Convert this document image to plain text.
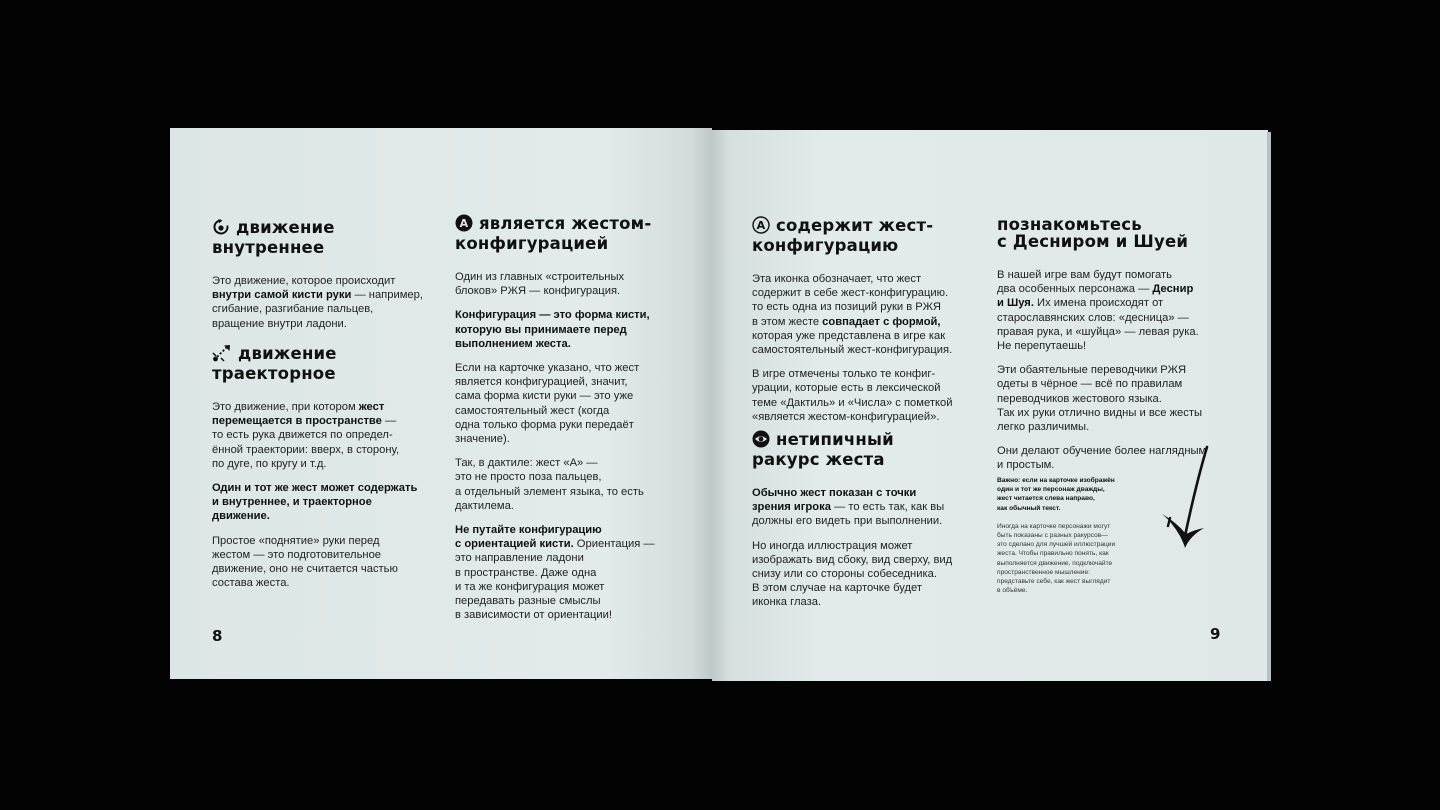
движение
внутреннее
Это движение, которое происходит
внутри самой кисти руки — например,
сгибание, разгибание пальцев,
вращение внутри ладони.
движение
траекторное
Это движение, при котором жест
перемещается в пространстве —
то есть рука движется по определ-
ённой траектории: вверх, в сторону,
по дуге, по кругу и т.д.
Один и тот же жест может содержать
и внутреннее, и траекторное
движение.
Простое «поднятие» руки перед
жестом — это подготовительное
движение, оно не считается частью
состава жеста.
A является жестом-
конфигурацией
Один из главных «строительных
блоков» РЖЯ — конфигурация.
Конфигурация — это форма кисти,
которую вы принимаете перед
выполнением жеста.
Если на карточке указано, что жест
является конфигурацией, значит,
сама форма кисти руки — это уже
самостоятельный жест (когда
одна только форма руки передаёт
значение).
Так, в дактиле: жест «А» —
это не просто поза пальцев,
а отдельный элемент языка, то есть
дактилема.
Не путайте конфигурацию
с ориентацией кисти. Ориентация —
это направление ладони
в пространстве. Даже одна
и та же конфигурация может
передавать разные смыслы
в зависимости от ориентации!
8
A содержит жест-
конфигурацию
Эта иконка обозначает, что жест
содержит в себе жест-конфигурацию.
то есть одна из позиций руки в РЖЯ
в этом жесте совпадает с формой,
которая уже представлена в игре как
самостоятельный жест-конфигурация.
В игре отмечены только те конфиг-
урации, которые есть в лексической
теме «Дактиль» и «Числа» с пометкой
«является жестом-конфигурацией».
нетипичный
ракурс жеста
Обычно жест показан с точки
зрения игрока — то есть так, как вы
должны его видеть при выполнении.
Но иногда иллюстрация может
изображать вид сбоку, вид сверху, вид
снизу или со стороны собеседника.
В этом случае на карточке будет
иконка глаза.
познакомьтесь
с Десниром и Шуей
В нашей игре вам будут помогать
два особенных персонажа — Деснир
и Шуя. Их имена происходят от
старославянских слов: «десница» —
правая рука, и «шуйца» — левая рука.
Не перепутаешь!
Эти обаятельные переводчики РЖЯ
одеты в чёрное — всё по правилам
переводчиков жестового языка.
Так их руки отлично видны и все жесты
легко различимы.
Они делают обучение более наглядным
и простым.
Важно: если на карточке изображён
один и тот же персонаж дважды,
жест читается слева направо,
как обычный текст.
Иногда на карточке персонажи могут
быть показаны с разных ракурсов—
это сделано для лучшей иллюстрации
жеста. Чтобы правильно понять, как
выполняется движение, подключайте
пространственное мышление:
представьте себе, как жест выглядит
в объёме.
9
